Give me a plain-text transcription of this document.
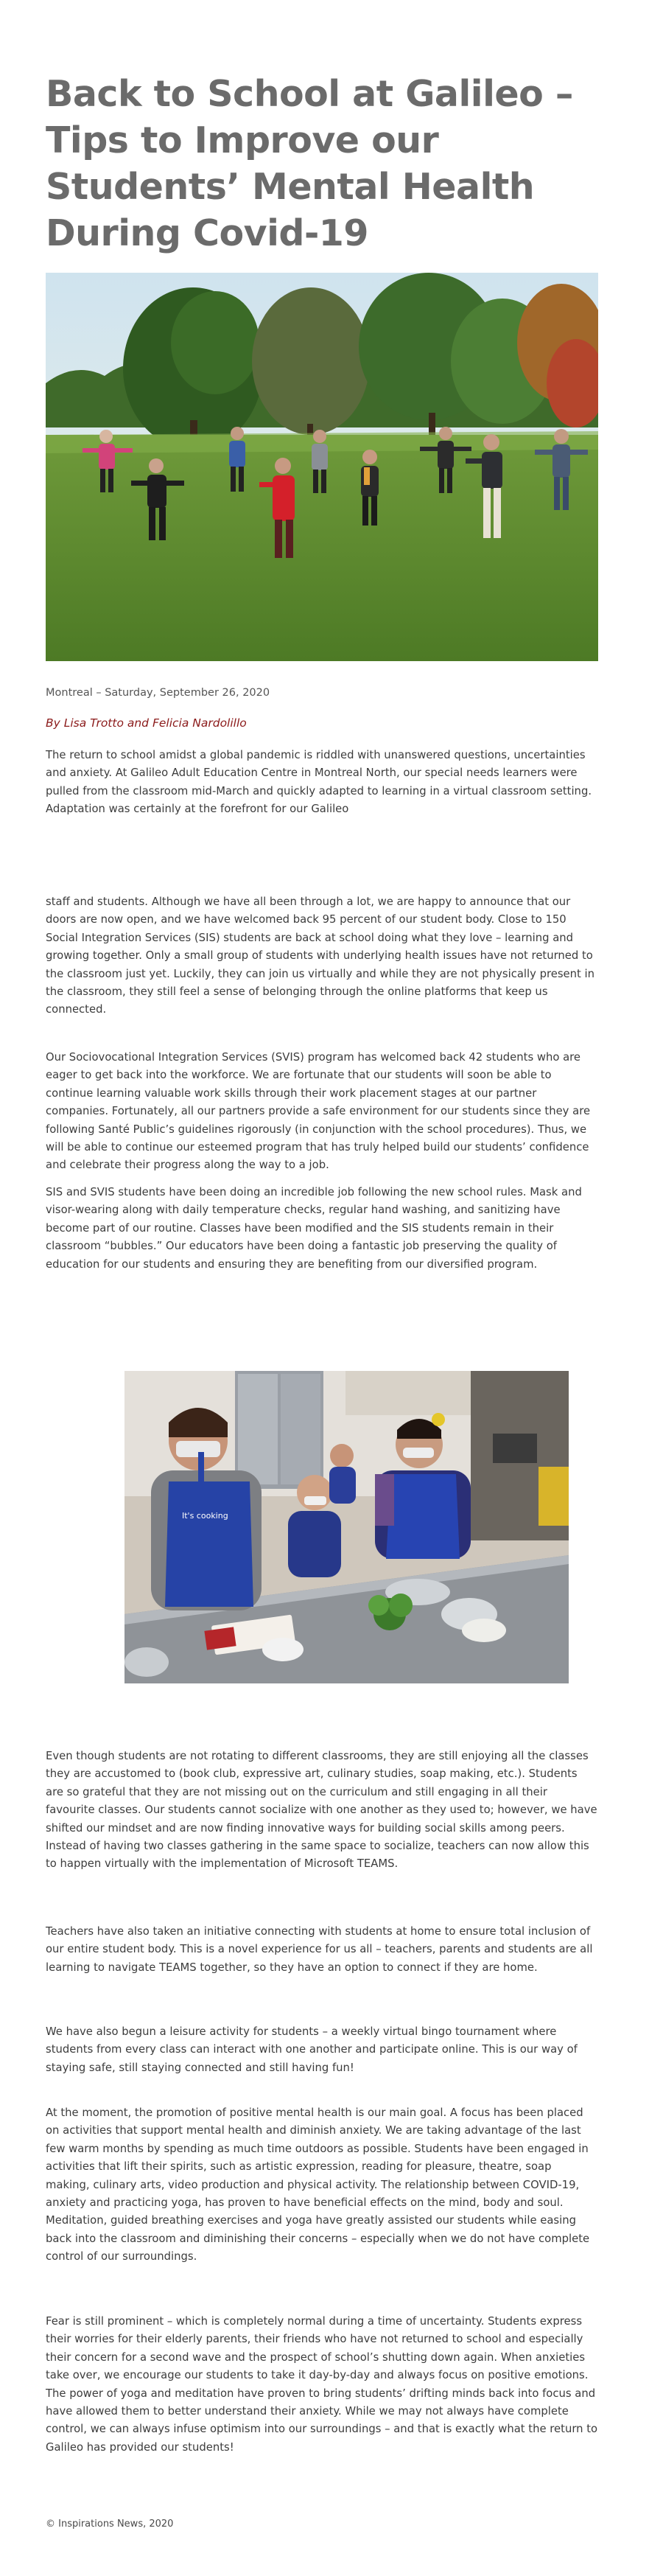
Back to School at Galileo – Tips to Improve our Students’ Mental Health During Covid-19

Montreal – Saturday, September 26, 2020

By Lisa Trotto and Felicia Nardolillo

The return to school amidst a global pandemic is riddled with unanswered questions, uncertainties and anxiety. At Galileo Adult Education Centre in Montreal North, our special needs learners were pulled from the classroom mid-March and quickly adapted to learning in a virtual classroom setting. Adaptation was certainly at the forefront for our Galileo

staff and students. Although we have all been through a lot, we are happy to announce that our doors are now open, and we have welcomed back 95 percent of our student body. Close to 150 Social Integration Services (SIS) students are back at school doing what they love – learning and growing together. Only a small group of students with underlying health issues have not returned to the classroom just yet. Luckily, they can join us virtually and while they are not physically present in the classroom, they still feel a sense of belonging through the online platforms that keep us connected.

Our Sociovocational Integration Services (SVIS) program has welcomed back 42 students who are eager to get back into the workforce. We are fortunate that our students will soon be able to continue learning valuable work skills through their work placement stages at our partner companies. Fortunately, all our partners provide a safe environment for our students since they are following Santé Public’s guidelines rigorously (in conjunction with the school procedures). Thus, we will be able to continue our esteemed program that has truly helped build our students’ confidence and celebrate their progress along the way to a job.

SIS and SVIS students have been doing an incredible job following the new school rules. Mask and visor-wearing along with daily temperature checks, regular hand washing, and sanitizing have become part of our routine. Classes have been modified and the SIS students remain in their classroom “bubbles.” Our educators have been doing a fantastic job preserving the quality of education for our students and ensuring they are benefiting from our diversified program.

It's cooking

Even though students are not rotating to different classrooms, they are still enjoying all the classes they are accustomed to (book club, expressive art, culinary studies, soap making, etc.). Students are so grateful that they are not missing out on the curriculum and still engaging in all their favourite classes. Our students cannot socialize with one another as they used to; however, we have shifted our mindset and are now finding innovative ways for building social skills among peers. Instead of having two classes gathering in the same space to socialize, teachers can now allow this to happen virtually with the implementation of Microsoft TEAMS.

Teachers have also taken an initiative connecting with students at home to ensure total inclusion of our entire student body. This is a novel experience for us all – teachers, parents and students are all learning to navigate TEAMS together, so they have an option to connect if they are home.

We have also begun a leisure activity for students – a weekly virtual bingo tournament where students from every class can interact with one another and participate online. This is our way of staying safe, still staying connected and still having fun!

At the moment, the promotion of positive mental health is our main goal. A focus has been placed on activities that support mental health and diminish anxiety. We are taking advantage of the last few warm months by spending as much time outdoors as possible. Students have been engaged in activities that lift their spirits, such as artistic expression, reading for pleasure, theatre, soap making, culinary arts, video production and physical activity. The relationship between COVID-19, anxiety and practicing yoga, has proven to have beneficial effects on the mind, body and soul. Meditation, guided breathing exercises and yoga have greatly assisted our students while easing back into the classroom and diminishing their concerns – especially when we do not have complete control of our surroundings.

Fear is still prominent – which is completely normal during a time of uncertainty. Students express their worries for their elderly parents, their friends who have not returned to school and especially their concern for a second wave and the prospect of school’s shutting down again. When anxieties take over, we encourage our students to take it day-by-day and always focus on positive emotions. The power of yoga and meditation have proven to bring students’ drifting minds back into focus and have allowed them to better understand their anxiety. While we may not always have complete control, we can always infuse optimism into our surroundings – and that is exactly what the return to Galileo has provided our students!

© Inspirations News, 2020
